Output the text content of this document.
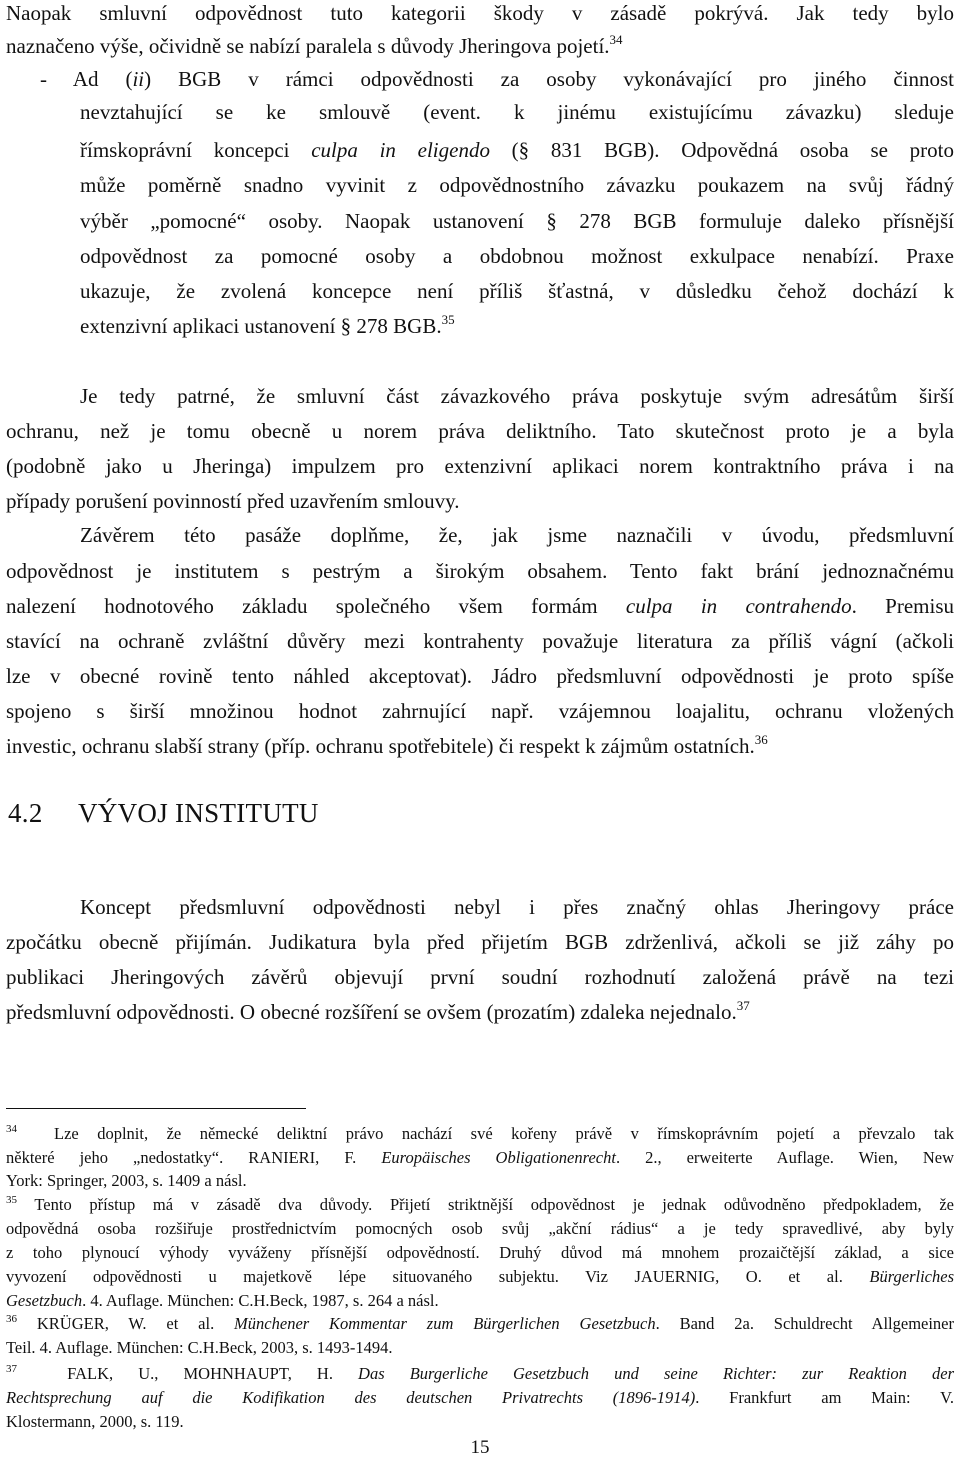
Naopak smluvní odpovědnost tuto kategorii škody v zásadě pokrývá. Jak tedy bylo
naznačeno výše, očividně se nabízí paralela s důvody Jheringova pojetí.$^{34}$
- Ad (ii) BGB v rámci odpovědnosti za osoby vykonávající pro jiného činnost
nevztahující se ke smlouvě (event. k jinému existujícímu závazku) sleduje
římskoprávní koncepci culpa in eligendo (§ 831 BGB). Odpovědná osoba se proto
může poměrně snadno vyvinit z odpovědnostního závazku poukazem na svůj řádný
výběr „pomocné“ osoby. Naopak ustanovení § 278 BGB formuluje daleko přísnější
odpovědnost za pomocné osoby a obdobnou možnost exkulpace nenabízí. Praxe
ukazuje, že zvolená koncepce není příliš šťastná, v důsledku čehož dochází k
extenzivní aplikaci ustanovení § 278 BGB.$^{35}$
Je tedy patrné, že smluvní část závazkového práva poskytuje svým adresátům širší
ochranu, než je tomu obecně u norem práva deliktního. Tato skutečnost proto je a byla
(podobně jako u Jheringa) impulzem pro extenzivní aplikaci norem kontraktního práva i na
případy porušení povinností před uzavřením smlouvy.
Závěrem této pasáže doplňme, že, jak jsme naznačili v úvodu, předsmluvní
odpovědnost je institutem s pestrým a širokým obsahem. Tento fakt brání jednoznačnému
nalezení hodnotového základu společného všem formám culpa in contrahendo. Premisu
stavící na ochraně zvláštní důvěry mezi kontrahenty považuje literatura za příliš vágní (ačkoli
lze v obecné rovině tento náhled akceptovat). Jádro předsmluvní odpovědnosti je proto spíše
spojeno s širší množinou hodnot zahrnující např. vzájemnou loajalitu, ochranu vložených
investic, ochranu slabší strany (příp. ochranu spotřebitele) či respekt k zájmům ostatních.$^{36}$
4.2 VÝVOJ INSTITUTU
Koncept předsmluvní odpovědnosti nebyl i přes značný ohlas Jheringovy práce
zpočátku obecně přijímán. Judikatura byla před přijetím BGB zdrženlivá, ačkoli se již záhy po
publikaci Jheringových závěrů objevují první soudní rozhodnutí založená právě na tezi
předsmluvní odpovědnosti. O obecné rozšíření se ovšem (prozatím) zdaleka nejednalo.$^{37}$
$^{34}$ Lze doplnit, že německé deliktní právo nachází své kořeny právě v římskoprávním pojetí a převzalo tak
některé jeho „nedostatky“. RANIERI, F. Europäisches Obligationenrecht. 2., erweiterte Auflage. Wien, New
York: Springer, 2003, s. 1409 a násl.
$^{35}$ Tento přístup má v zásadě dva důvody. Přijetí striktnější odpovědnost je jednak odůvodněno předpokladem, že
odpovědná osoba rozšiřuje prostřednictvím pomocných osob svůj „akční rádius“ a je tedy spravedlivé, aby byly
z toho plynoucí výhody vyváženy přísnější odpovědností. Druhý důvod má mnohem prozaičtější základ, a sice
vyvození odpovědnosti u majetkově lépe situovaného subjektu. Viz JAUERNIG, O. et al. Bürgerliches
Gesetzbuch. 4. Auflage. München: C.H.Beck, 1987, s. 264 a násl.
$^{36}$ KRÜGER, W. et al. Münchener Kommentar zum Bürgerlichen Gesetzbuch. Band 2a. Schuldrecht Allgemeiner
Teil. 4. Auflage. München: C.H.Beck, 2003, s. 1493-1494.
$^{37}$	FALK, U., MOHNHAUPT, H. Das Burgerliche Gesetzbuch und seine Richter: zur Reaktion der
Rechtsprechung auf die Kodifikation des deutschen Privatrechts (1896-1914). Frankfurt am Main: V.
Klostermann, 2000, s. 119.
15
